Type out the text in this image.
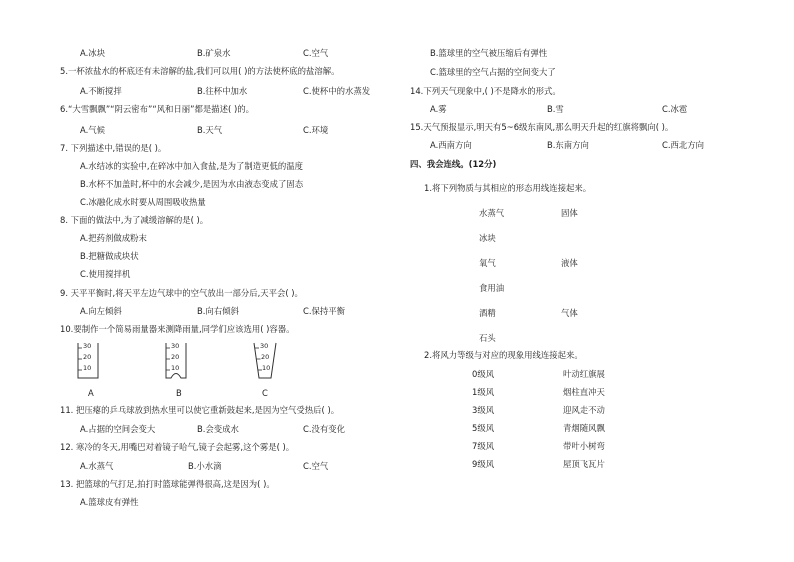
A.冰块	B.矿泉水	C.空气
5.一杯浓盐水的杯底还有未溶解的盐,我们可以用( )的方法使杯底的盐溶解。
A.不断搅拌	B.往杯中加水	C.使杯中的水蒸发
6.“大雪飘飘”“阴云密布”“风和日丽”都是描述( )的。
A.气候	B.天气	C.环境
7. 下列描述中,错误的是( )。
A.水结冰的实验中,在碎冰中加入食盐,是为了制造更低的温度
B.水杯不加盖时,杯中的水会减少,是因为水由液态变成了固态
C.冰融化成水时要从周围吸收热量
8. 下面的做法中,为了减缓溶解的是( )。
A.把药剂做成粉末
B.把糖做成块状
C.使用搅拌机
9. 天平平衡时,将天平左边气球中的空气放出一部分后,天平会( )。
A.向左倾斜	B.向右倾斜	C.保持平衡
10.要制作一个简易雨量器来测降雨量,同学们应该选用( )容器。
30
20
10
30
20
10
30
20
10
A	B	C
11. 把压瘪的乒乓球放到热水里可以使它重新鼓起来,是因为空气受热后( )。
A.占据的空间会变大	B.会变成水	C.没有变化
12. 寒冷的冬天,用嘴巴对着镜子哈气,镜子会起雾,这个雾是( )。
A.水蒸气	B.小水滴	C.空气
13. 把篮球的气打足,拍打时篮球能弹得很高,这是因为( )。
A.篮球皮有弹性
B.篮球里的空气被压缩后有弹性
C.篮球里的空气占据的空间变大了
14.下列天气现象中,( )不是降水的形式。
A.雾	B.雪	C.冰雹
15.天气预报显示,明天有5~6级东南风,那么明天升起的红旗将飘向( )。
A.西南方向	B.东南方向	C.西北方向
四、我会连线。(12分)
1.将下列物质与其相应的形态用线连接起来。
水蒸气
冰块
氧气
食用油
酒精
石头
固体
液体
气体
2.将风力等级与对应的现象用线连接起来。
0级风
1级风
3级风
5级风
7级风
9级风
叶动红旗展
烟柱直冲天
迎风走不动
青烟随风飘
带叶小树弯
屋顶飞瓦片
